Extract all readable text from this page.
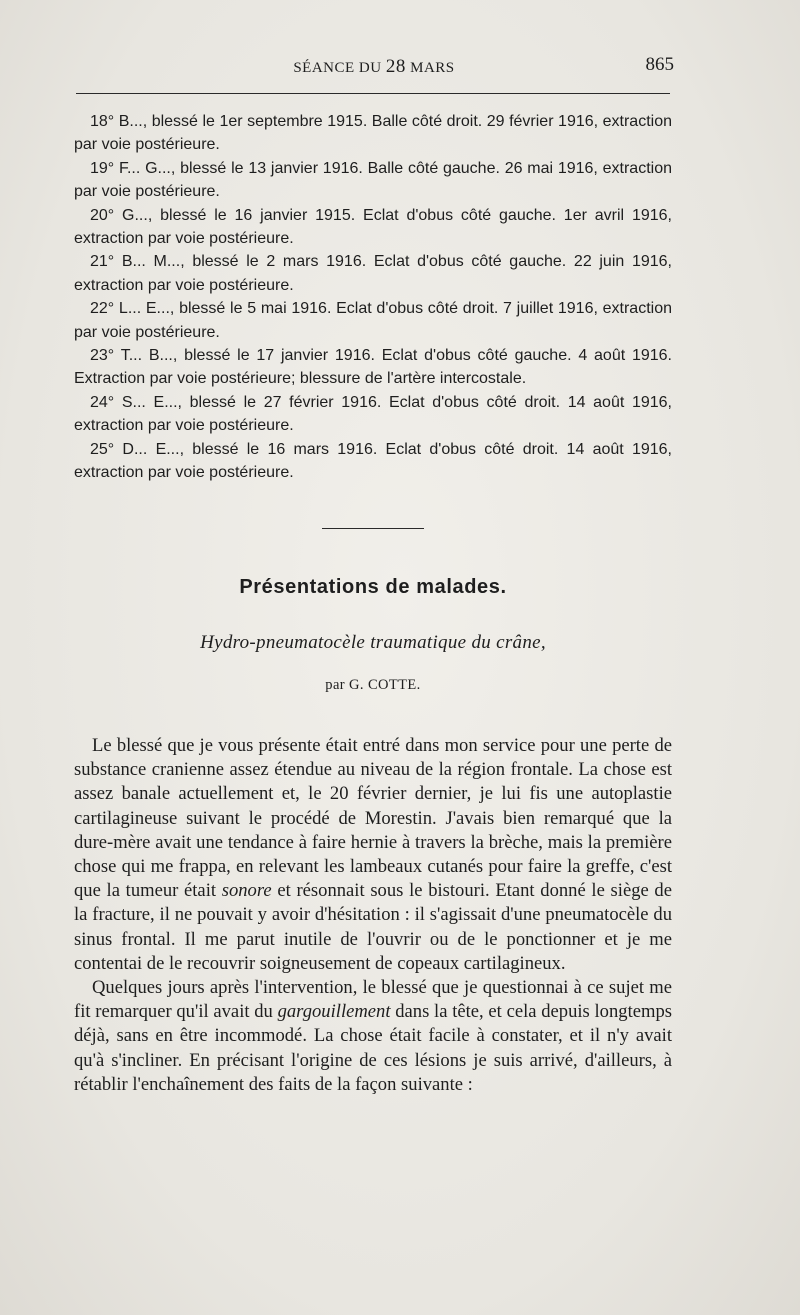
SÉANCE DU 28 MARS	865

18° B..., blessé le 1er septembre 1915. Balle côté droit. 29 février 1916, extraction par voie postérieure.

19° F... G..., blessé le 13 janvier 1916. Balle côté gauche. 26 mai 1916, extraction par voie postérieure.

20° G..., blessé le 16 janvier 1915. Eclat d'obus côté gauche. 1er avril 1916, extraction par voie postérieure.

21° B... M..., blessé le 2 mars 1916. Eclat d'obus côté gauche. 22 juin 1916, extraction par voie postérieure.

22° L... E..., blessé le 5 mai 1916. Eclat d'obus côté droit. 7 juillet 1916, extraction par voie postérieure.

23° T... B..., blessé le 17 janvier 1916. Eclat d'obus côté gauche. 4 août 1916. Extraction par voie postérieure; blessure de l'artère intercostale.

24° S... E..., blessé le 27 février 1916. Eclat d'obus côté droit. 14 août 1916, extraction par voie postérieure.

25° D... E..., blessé le 16 mars 1916. Eclat d'obus côté droit. 14 août 1916, extraction par voie postérieure.

Présentations de malades.
Hydro-pneumatocèle traumatique du crâne,
par G. COTTE.

Le blessé que je vous présente était entré dans mon service pour une perte de substance cranienne assez étendue au niveau de la région frontale. La chose est assez banale actuellement et, le 20 février dernier, je lui fis une autoplastie cartilagineuse suivant le procédé de Morestin. J'avais bien remarqué que la dure-mère avait une tendance à faire hernie à travers la brèche, mais la première chose qui me frappa, en relevant les lambeaux cutanés pour faire la greffe, c'est que la tumeur était sonore et résonnait sous le bistouri. Etant donné le siège de la fracture, il ne pouvait y avoir d'hésitation : il s'agissait d'une pneumatocèle du sinus frontal. Il me parut inutile de l'ouvrir ou de le ponctionner et je me contentai de le recouvrir soigneusement de copeaux cartilagineux.

Quelques jours après l'intervention, le blessé que je questionnai à ce sujet me fit remarquer qu'il avait du gargouillement dans la tête, et cela depuis longtemps déjà, sans en être incommodé. La chose était facile à constater, et il n'y avait qu'à s'incliner. En précisant l'origine de ces lésions je suis arrivé, d'ailleurs, à rétablir l'enchaînement des faits de la façon suivante :
